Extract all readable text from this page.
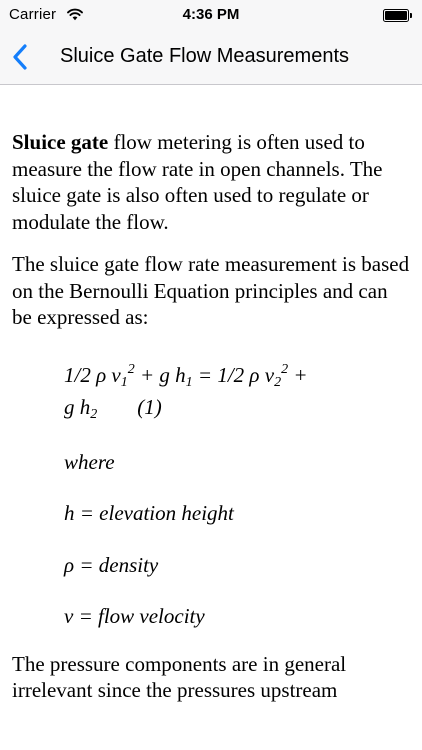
Carrier	4:36 PM
Sluice Gate Flow Measurements

Sluice gate flow metering is often used to measure the flow rate in open channels. The sluice gate is also often used to regulate or modulate the flow.

The sluice gate flow rate measurement is based on the Bernoulli Equation principles and can be expressed as:

1/2 ρ $v_1^2 + g$ $h_1 = 1/2$ ρ $v_2^2$ +
g $h_2$ (1)
where
h = elevation height
ρ = density
v = flow velocity

The pressure components are in general irrelevant since the pressures upstream
